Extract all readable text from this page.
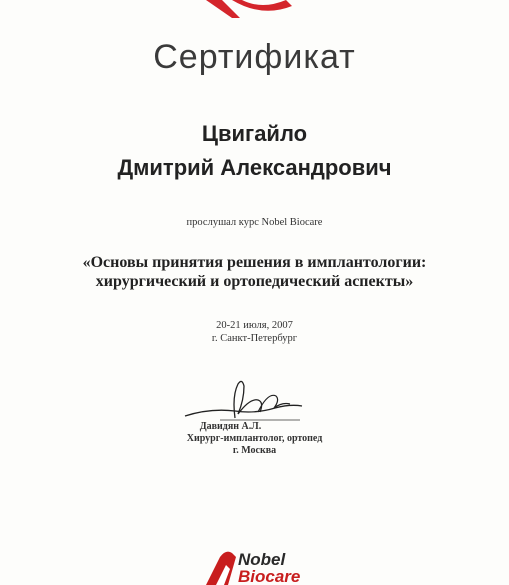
Сертификат
Цвигайло
Дмитрий Александрович
прослушал курс Nobel Biocare
«Основы принятия решения в имплантологии:
хирургический и ортопедический аспекты»
20-21 июля, 2007
г. Санкт-Петербург
Давидян А.Л.
Хирург-имплантолог, ортопед
г. Москва
Nobel
Biocare
